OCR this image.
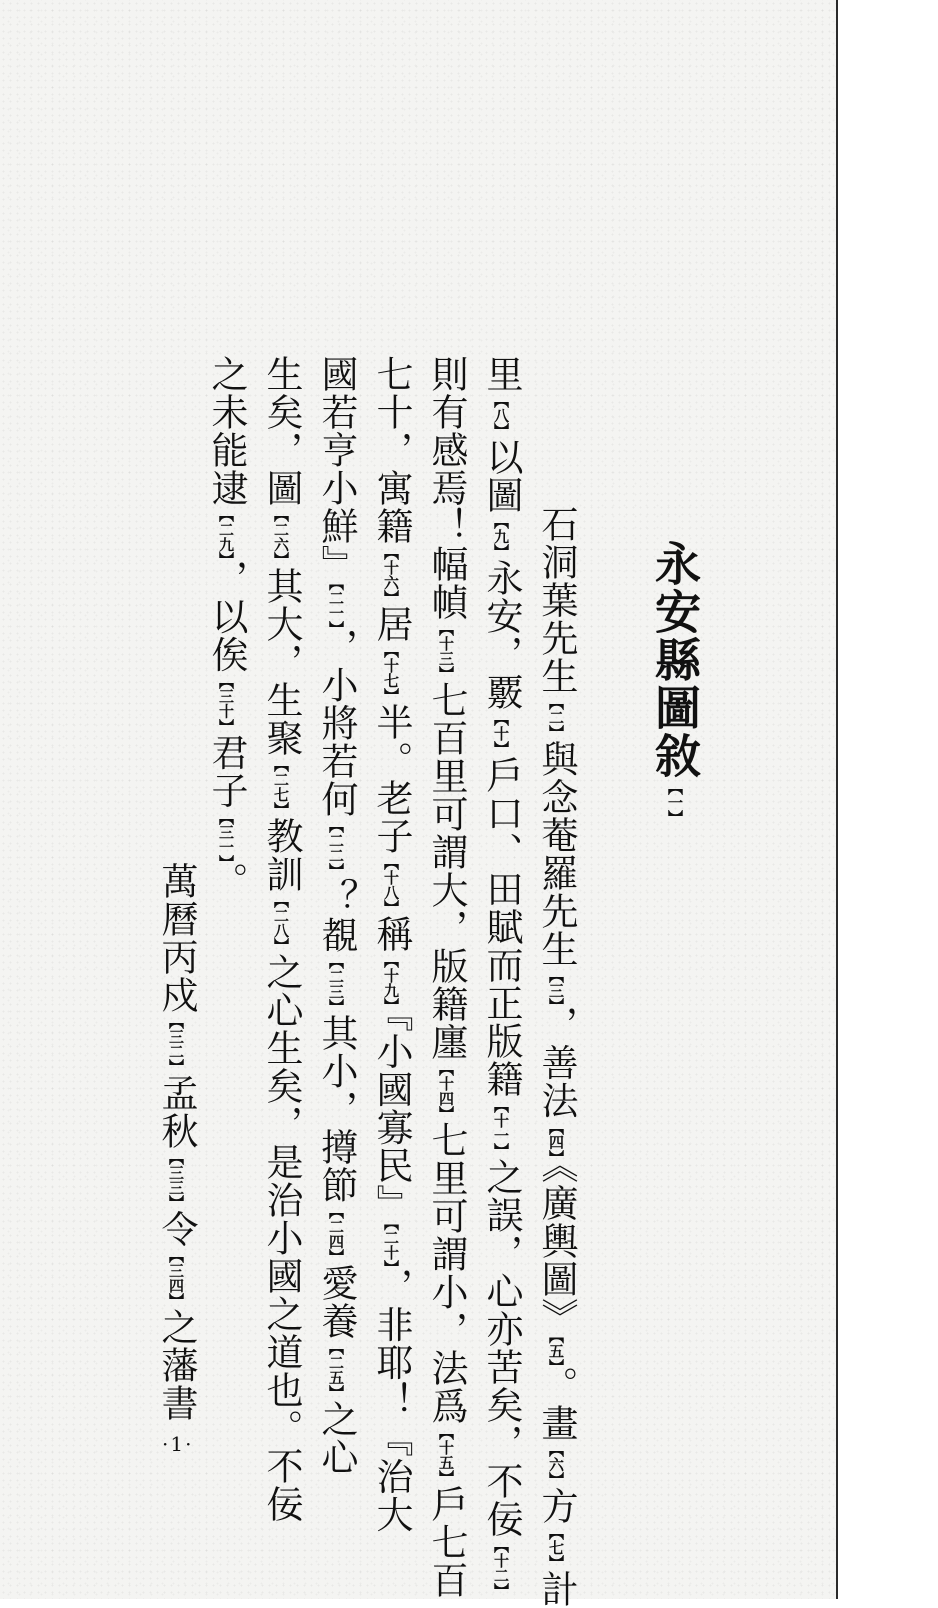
永安縣圖敘【 一 】
石洞葉先生【 二 】與念菴羅先生【 三 】，善法【 四 】《廣輿圖》【 五 】。畫【 六 】方【 七 】計
里【 八 】以圖【 九 】永安，覈【 十 】戶口、田賦而正版籍【 十一 】之誤，心亦苦矣，不佞【 十二 】
則有感焉！幅幀【 十三 】七百里可謂大，版籍廛【 十四 】七里可謂小，法爲【 十五 】戶七百
七十，寓籍【 十六 】居【 十七 】半。老子【 十八 】稱【 十九 】『小國寡民』【 二十 】，非耶！『治大
國若亨小鮮』【 二一 】，小將若何【 二二 】？覩【 二三 】其小，撙節【 二四 】愛養【 二五 】之心
生矣，圖【 二六 】其大，生聚【 二七 】教訓【 二八 】之心生矣，是治小國之道也。不佞
之未能逮【 二九 】，以俟【 三十 】君子【 三一 】。
萬曆丙戍【 三二 】孟秋【 三三 】令【 三四 】之藩書
·1·
